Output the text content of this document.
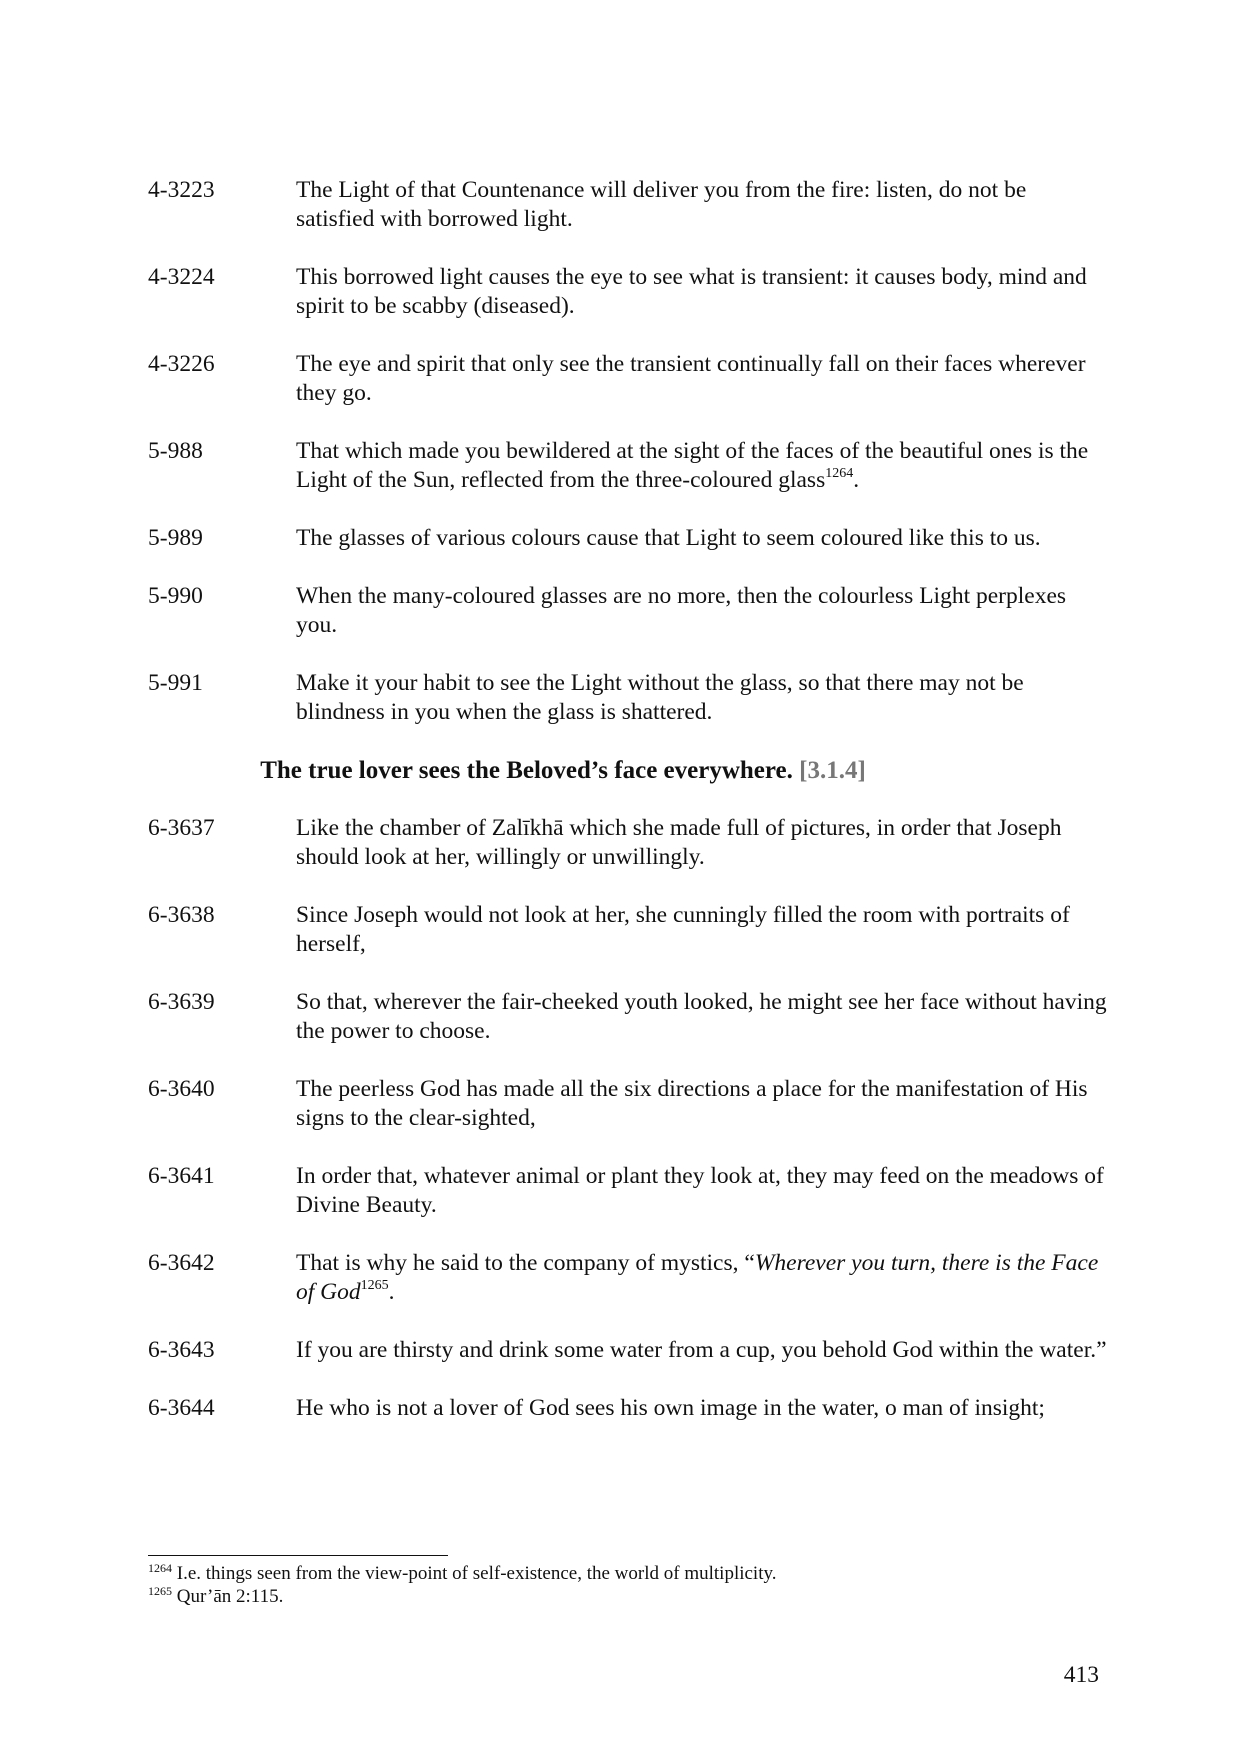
4-3223	The Light of that Countenance will deliver you from the fire: listen, do not be satisfied with borrowed light.
4-3224	This borrowed light causes the eye to see what is transient: it causes body, mind and spirit to be scabby (diseased).
4-3226	The eye and spirit that only see the transient continually fall on their faces wherever they go.
5-988	That which made you bewildered at the sight of the faces of the beautiful ones is the Light of the Sun, reflected from the three-coloured glass$^{1264}$.
5-989	The glasses of various colours cause that Light to seem coloured like this to us.
5-990	When the many-coloured glasses are no more, then the colourless Light perplexes you.
5-991	Make it your habit to see the Light without the glass, so that there may not be blindness in you when the glass is shattered.
The true lover sees the Beloved’s face everywhere. [3.1.4]
6-3637	Like the chamber of Zalīkhā which she made full of pictures, in order that Joseph should look at her, willingly or unwillingly.
6-3638	Since Joseph would not look at her, she cunningly filled the room with portraits of herself,
6-3639	So that, wherever the fair-cheeked youth looked, he might see her face without having the power to choose.
6-3640	The peerless God has made all the six directions a place for the manifestation of His signs to the clear-sighted,
6-3641	In order that, whatever animal or plant they look at, they may feed on the meadows of Divine Beauty.
6-3642	That is why he said to the company of mystics, “Wherever you turn, there is the Face of God$^{1265}$.
6-3643	If you are thirsty and drink some water from a cup, you behold God within the water.”
6-3644	He who is not a lover of God sees his own image in the water, o man of insight;
$^{1264}$ I.e. things seen from the view-point of self-existence, the world of multiplicity.
$^{1265}$ Qur’ān 2:115.
413
